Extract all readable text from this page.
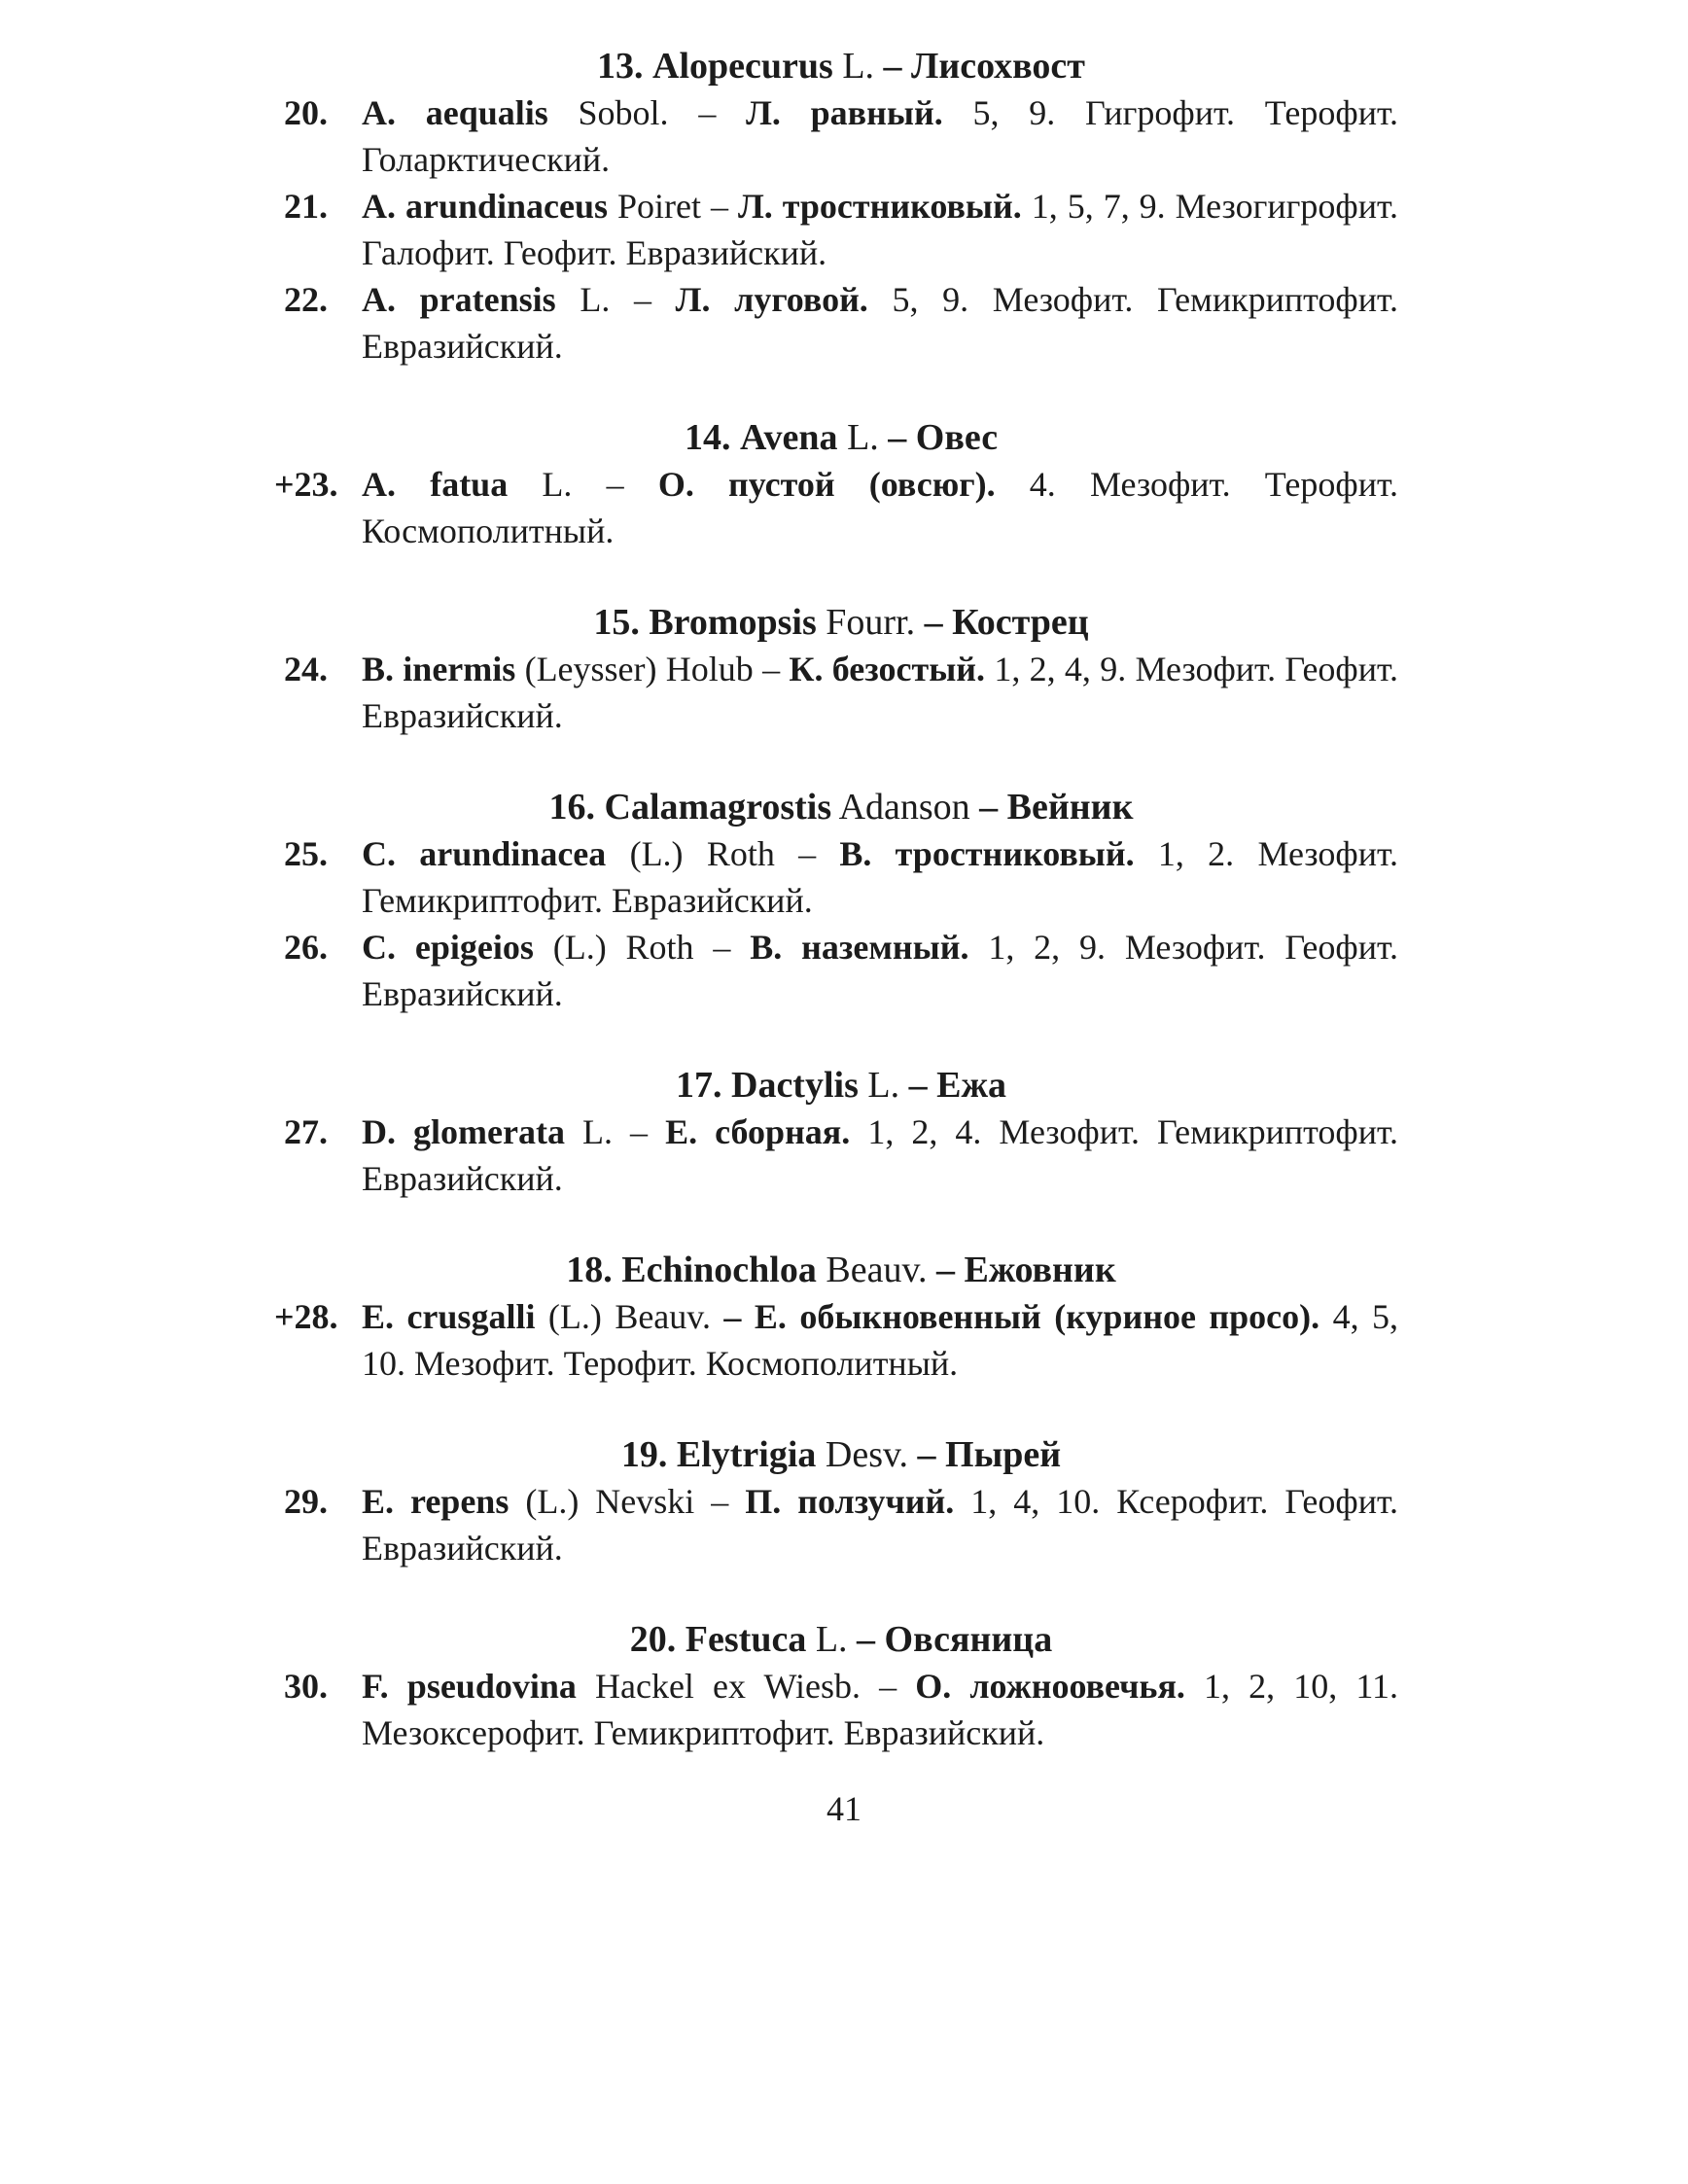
13. Alopecurus L. – Лисохвост

20. A. aequalis Sobol. – Л. равный. 5, 9. Гигрофит. Терофит. Голарктический.
21. A. arundinaceus Poiret – Л. тростниковый. 1, 5, 7, 9. Мезогигрофит. Галофит. Геофит. Евразийский.
22. A. pratensis L. – Л. луговой. 5, 9. Мезофит. Гемикриптофит. Евразийский.

14. Avena L. – Овес

+23. A. fatua L. – О. пустой (овсюг). 4. Мезофит. Терофит. Космополитный.

15. Bromopsis Fourr. – Кострец

24. B. inermis (Leysser) Holub – К. безостый. 1, 2, 4, 9. Мезофит. Геофит. Евразийский.

16. Calamagrostis Adanson – Вейник

25. C. arundinacea (L.) Roth – В. тростниковый. 1, 2. Мезофит. Гемикриптофит. Евразийский.
26. C. epigeios (L.) Roth – В. наземный. 1, 2, 9. Мезофит. Геофит. Евразийский.

17. Dactylis L. – Ежа

27. D. glomerata L. – Е. сборная. 1, 2, 4. Мезофит. Гемикриптофит. Евразийский.

18. Echinochloa Beauv. – Ежовник

+28. E. crusgalli (L.) Beauv. – Е. обыкновенный (куриное просо). 4, 5, 10. Мезофит. Терофит. Космополитный.

19. Elytrigia Desv. – Пырей

29. E. repens (L.) Nevski – П. ползучий. 1, 4, 10. Ксерофит. Геофит. Евразийский.

20. Festuca L. – Овсяница

30. F. pseudovina Hackel ex Wiesb. – О. ложноовечья. 1, 2, 10, 11. Мезоксерофит. Гемикриптофит. Евразийский.
41
